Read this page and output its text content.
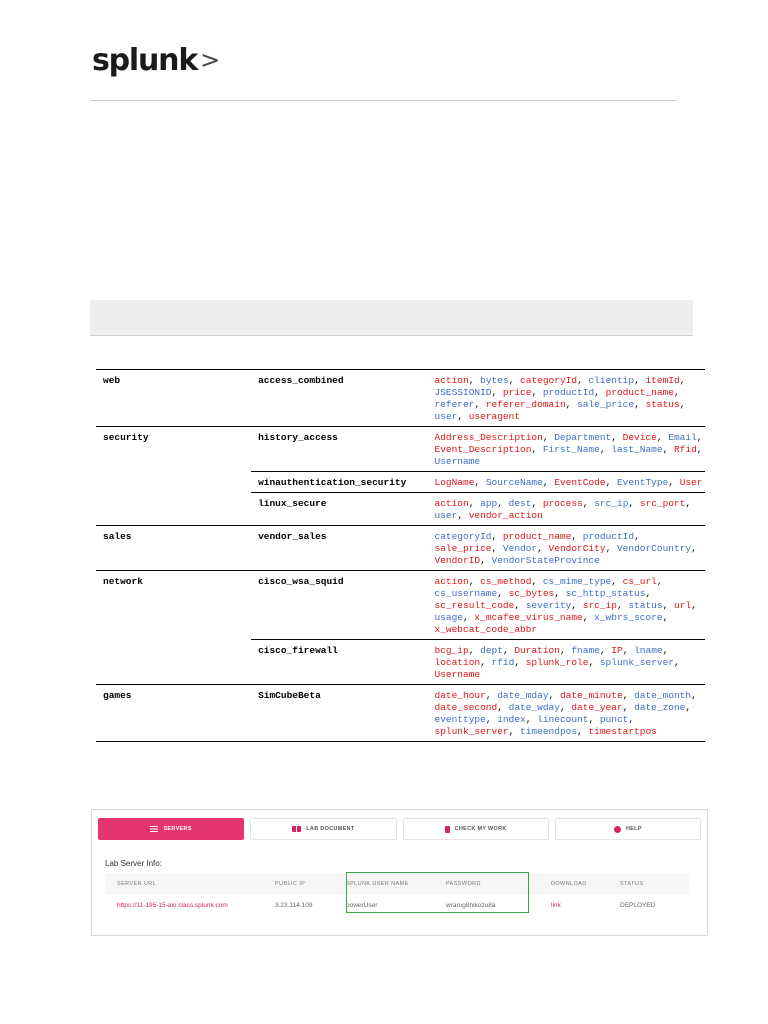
splunk >
web	access_combined	action, bytes, categoryId, clientip, itemId, JSESSIONID, price, productId, product_name, referer, referer_domain, sale_price, status, user, useragent
security	history_access	Address_Description, Department, Device, Email, Event_Description, First_Name, last_Name, Rfid, Username
	winauthentication_security	LogName, SourceName, EventCode, EventType, User
	linux_secure	action, app, dest, process, src_ip, src_port, user, vendor_action
sales	vendor_sales	categoryId, product_name, productId, sale_price, Vendor, VendorCity, VendorCountry, VendorID, VendorStateProvince
network	cisco_wsa_squid	action, cs_method, cs_mime_type, cs_url, cs_username, sc_bytes, sc_http_status, sc_result_code, severity, src_ip, status, url, usage, x_mcafee_virus_name, x_wbrs_score, x_webcat_code_abbr
	cisco_firewall	bcg_ip, dept, Duration, fname, IP, lname, location, rfid, splunk_role, splunk_server, Username
games	SimCubeBeta	date_hour, date_mday, date_minute, date_month, date_second, date_wday, date_year, date_zone, eventtype, index, linecount, punct, splunk_server, timeendpos, timestartpos
SERVERS	LAB DOCUMENT	CHECK MY WORK	HELP
Lab Server Info:
SERVER URL	PUBLIC IP	SPLUNK USER NAME	PASSWORD	DOWNLOAD	STATUS
https://11-195-15-aio.class.splunk.com	3.23.114.109	powerUser	wrarug8hikozu8a	link	DEPLOYED
